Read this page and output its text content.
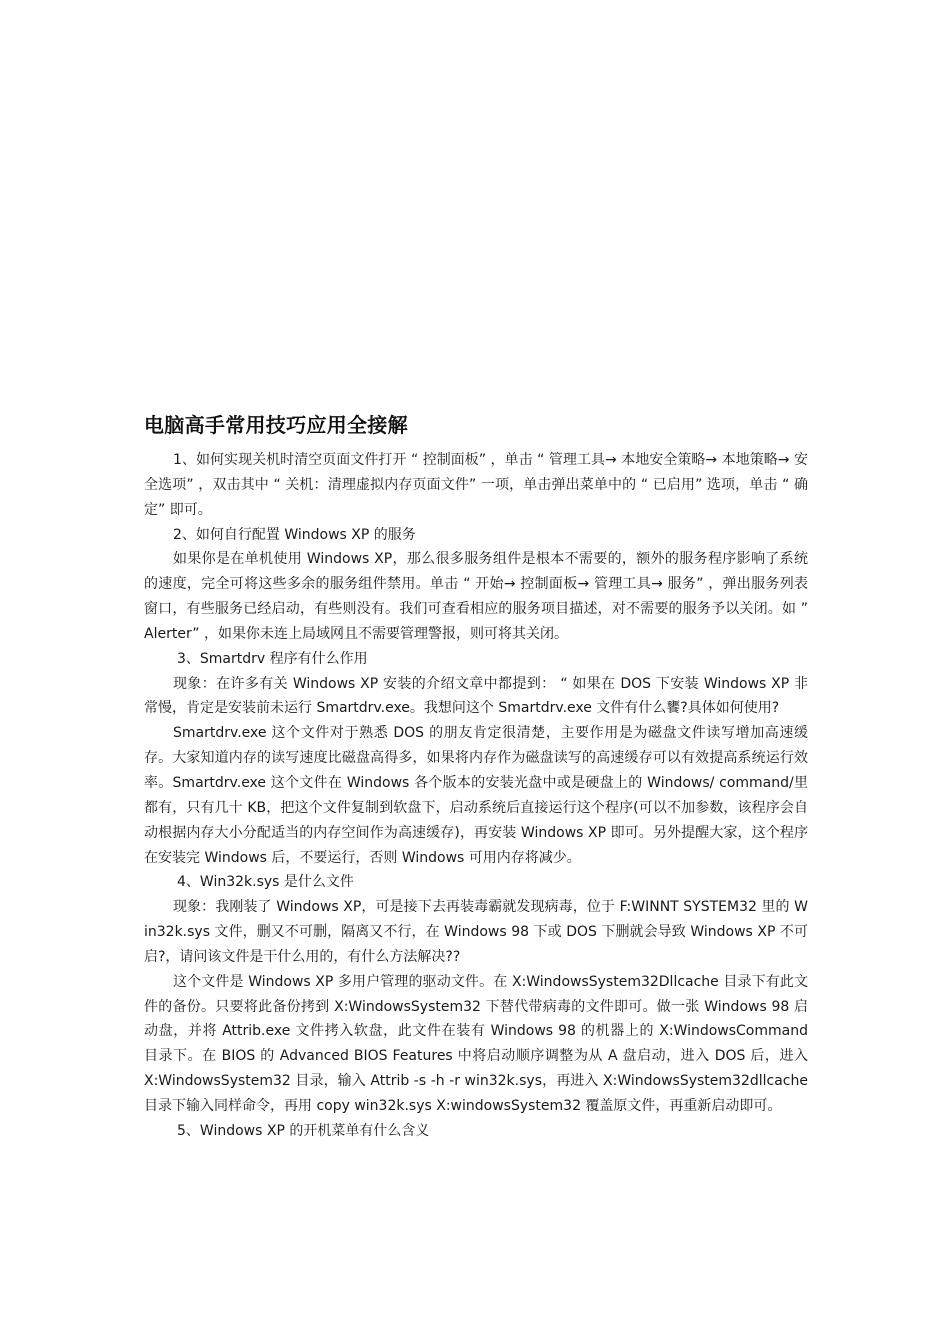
电脑高手常用技巧应用全接解

1、如何实现关机时清空页面文件打开 “ 控制面板” ，单击 “ 管理工具→ 本地安全策略→ 本地策略→ 安全选项” ，双击其中 “ 关机：清理虚拟内存页面文件” 一项，单击弹出菜单中的 “ 已启用” 选项，单击 “ 确定” 即可。

2、如何自行配置 Windows XP 的服务

如果你是在单机使用 Windows XP，那么很多服务组件是根本不需要的，额外的服务程序影响了系统的速度，完全可将这些多余的服务组件禁用。单击 “ 开始→ 控制面板→ 管理工具→ 服务” ，弹出服务列表窗口，有些服务已经启动，有些则没有。我们可查看相应的服务项目描述，对不需要的服务予以关闭。如 ” Alerter” ，如果你未连上局域网且不需要管理警报，则可将其关闭。

3、Smartdrv 程序有什么作用

现象：在许多有关 Windows XP 安装的介绍文章中都提到： “ 如果在 DOS 下安装 Windows XP 非常慢，肯定是安装前未运行 Smartdrv.exe。我想问这个 Smartdrv.exe 文件有什么饔?具体如何使用?

Smartdrv.exe 这个文件对于熟悉 DOS 的朋友肯定很清楚，主要作用是为磁盘文件读写增加高速缓存。大家知道内存的读写速度比磁盘高得多，如果将内存作为磁盘读写的高速缓存可以有效提高系统运行效率。Smartdrv.exe 这个文件在 Windows 各个版本的安装光盘中或是硬盘上的 Windows/ command/里都有，只有几十 KB，把这个文件复制到软盘下，启动系统后直接运行这个程序(可以不加参数，该程序会自动根据内存大小分配适当的内存空间作为高速缓存)，再安装 Windows XP 即可。另外提醒大家，这个程序在安装完 Windows 后，不要运行，否则 Windows 可用内存将减少。

4、Win32k.sys 是什么文件

现象：我刚装了 Windows XP，可是接下去再装毒霸就发现病毒，位于 F:WINNT SYSTEM32 里的 Win32k.sys 文件，删又不可删，隔离又不行，在 Windows 98 下或 DOS 下删就会导致 Windows XP 不可启?，请问该文件是干什么用的，有什么方法解决??

这个文件是 Windows XP 多用户管理的驱动文件。在 X:WindowsSystem32Dllcache 目录下有此文件的备份。只要将此备份拷到 X:WindowsSystem32 下替代带病毒的文件即可。做一张 Windows 98 启动盘，并将 Attrib.exe 文件拷入软盘，此文件在装有 Windows 98 的机器上的 X:WindowsCommand 目录下。在 BIOS 的 Advanced BIOS Features 中将启动顺序调整为从 A 盘启动，进入 DOS 后，进入 X:WindowsSystem32 目录，输入 Attrib -s -h -r win32k.sys，再进入 X:WindowsSystem32dllcache 目录下输入同样命令，再用 copy win32k.sys X:windowsSystem32 覆盖原文件，再重新启动即可。

5、Windows XP 的开机菜单有什么含义
